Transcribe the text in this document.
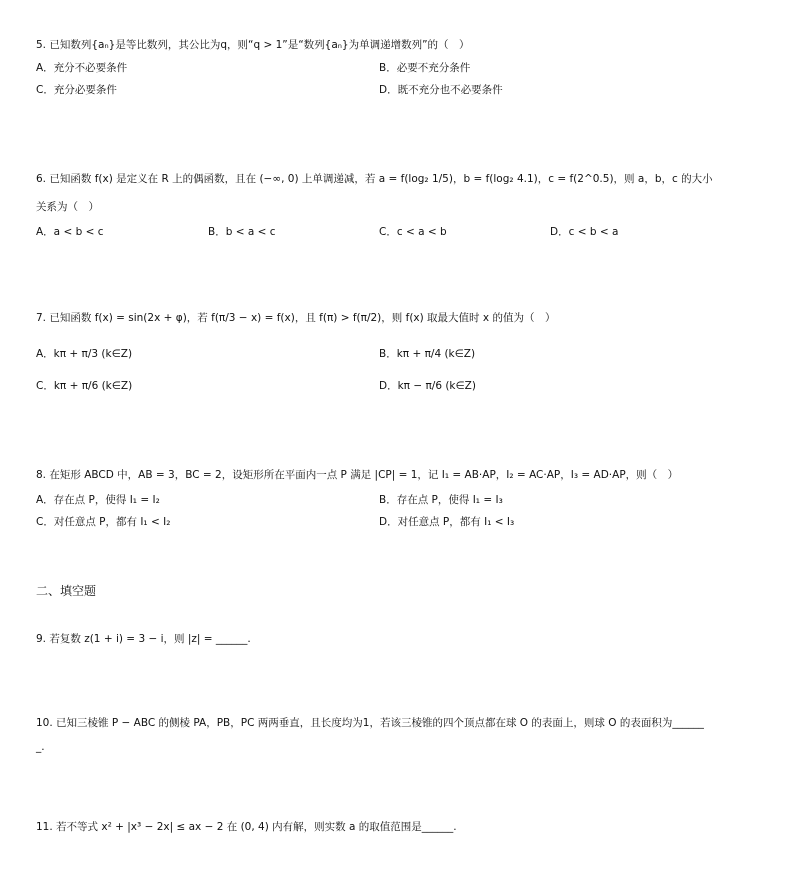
5. 已知数列{aₙ}是等比数列，其公比为q，则“q > 1”是“数列{aₙ}为单调递增数列”的（　）
A．充分不必要条件	B．必要不充分条件
C．充分必要条件	D．既不充分也不必要条件
6. 已知函数 f(x) 是定义在 R 上的偶函数，且在 (−∞, 0) 上单调递减，若 a = f(log₂ 1/5)，b = f(log₂ 4.1)，c = f(2^0.5)，则 a，b，c 的大小
关系为（　）
A．a < b < c	B．b < a < c	C．c < a < b	D．c < b < a
7. 已知函数 f(x) = sin(2x + φ)，若 f(π/3 − x) = f(x)，且 f(π) > f(π/2)，则 f(x) 取最大值时 x 的值为（　）
A．kπ + π/3 (k∈Z)	B．kπ + π/4 (k∈Z)
C．kπ + π/6 (k∈Z)	D．kπ − π/6 (k∈Z)
8. 在矩形 ABCD 中，AB = 3，BC = 2，设矩形所在平面内一点 P 满足 |CP| = 1，记 I₁ = AB·AP，I₂ = AC·AP，I₃ = AD·AP，则（　）
A．存在点 P，使得 I₁ = I₂	B．存在点 P，使得 I₁ = I₃
C．对任意点 P，都有 I₁ < I₂	D．对任意点 P，都有 I₁ < I₃
二、填空题
9. 若复数 z(1 + i) = 3 − i，则 |z| = ______.
10. 已知三棱锥 P − ABC 的侧棱 PA，PB，PC 两两垂直，且长度均为1，若该三棱锥的四个顶点都在球 O 的表面上，则球 O 的表面积为______
_.
11. 若不等式 x² + |x³ − 2x| ≤ ax − 2 在 (0, 4) 内有解，则实数 a 的取值范围是______.
